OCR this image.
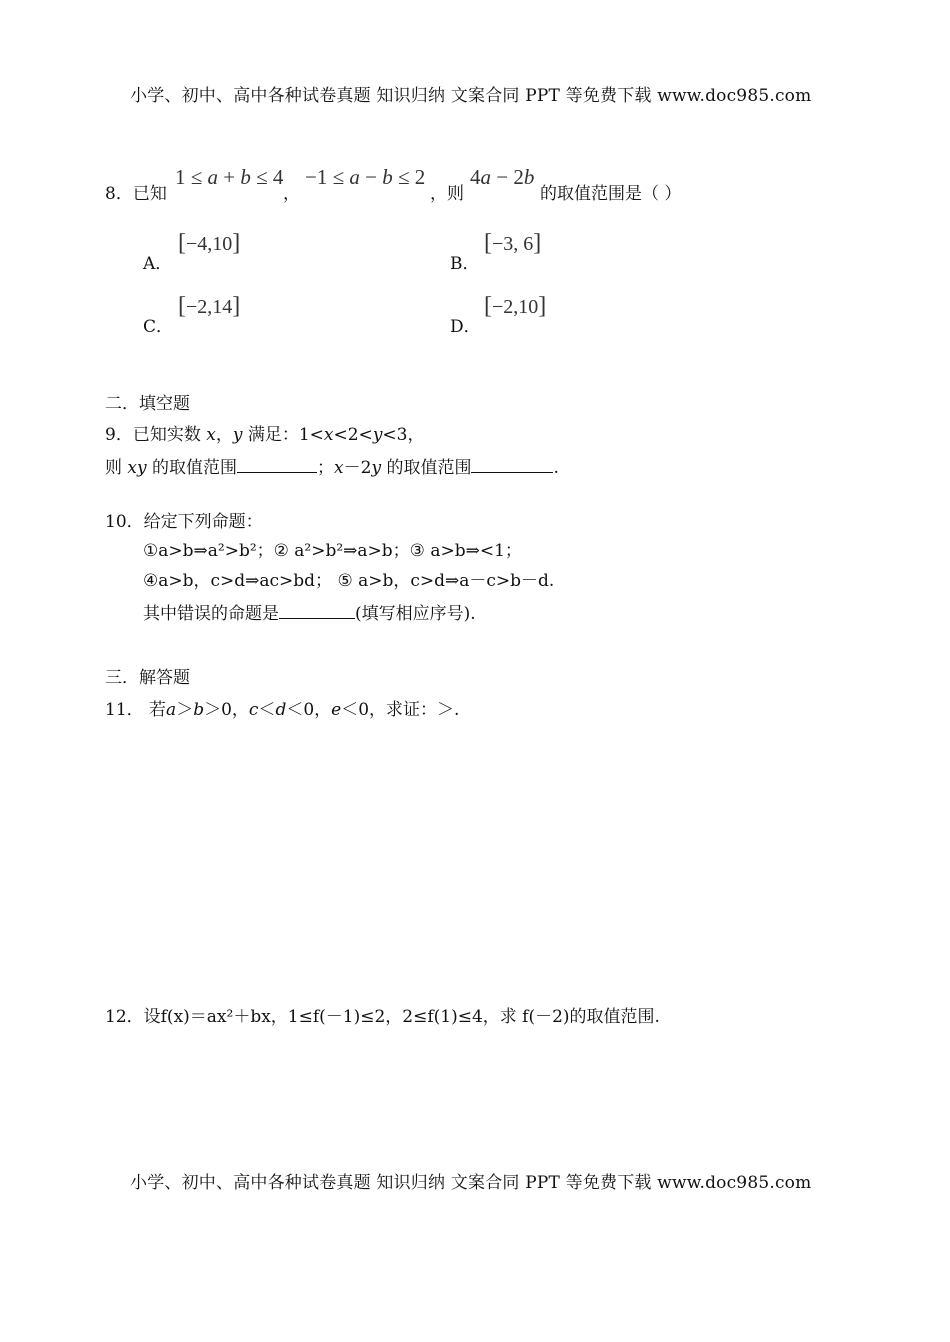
小学、初中、高中各种试卷真题 知识归纳 文案合同 PPT 等免费下载 www.doc985.com
8．已知
1 ≤ a + b ≤ 4
，
−1 ≤ a − b ≤ 2
，则
4a − 2b
的取值范围是（ ）
A．
[−4,10]
B．
[−3, 6]
C．
[−2,14]
D．
[−2,10]
二．填空题
9．已知实数 x，y 满足：1<x<2<y<3，
则 xy 的取值范围	；x－2y 的取值范围	.
10．给定下列命题：
①a>b⇒a²>b²；② a²>b²⇒a>b；③ a>b⇒<1；
④a>b，c>d⇒ac>bd； ⑤ a>b，c>d⇒a－c>b－d.
其中错误的命题是	(填写相应序号).
三．解答题
11． 若a＞b＞0，c＜d＜0，e＜0，求证：＞.
12．设f(x)＝ax²＋bx，1≤f(－1)≤2，2≤f(1)≤4，求 f(－2)的取值范围.
小学、初中、高中各种试卷真题 知识归纳 文案合同 PPT 等免费下载 www.doc985.com
